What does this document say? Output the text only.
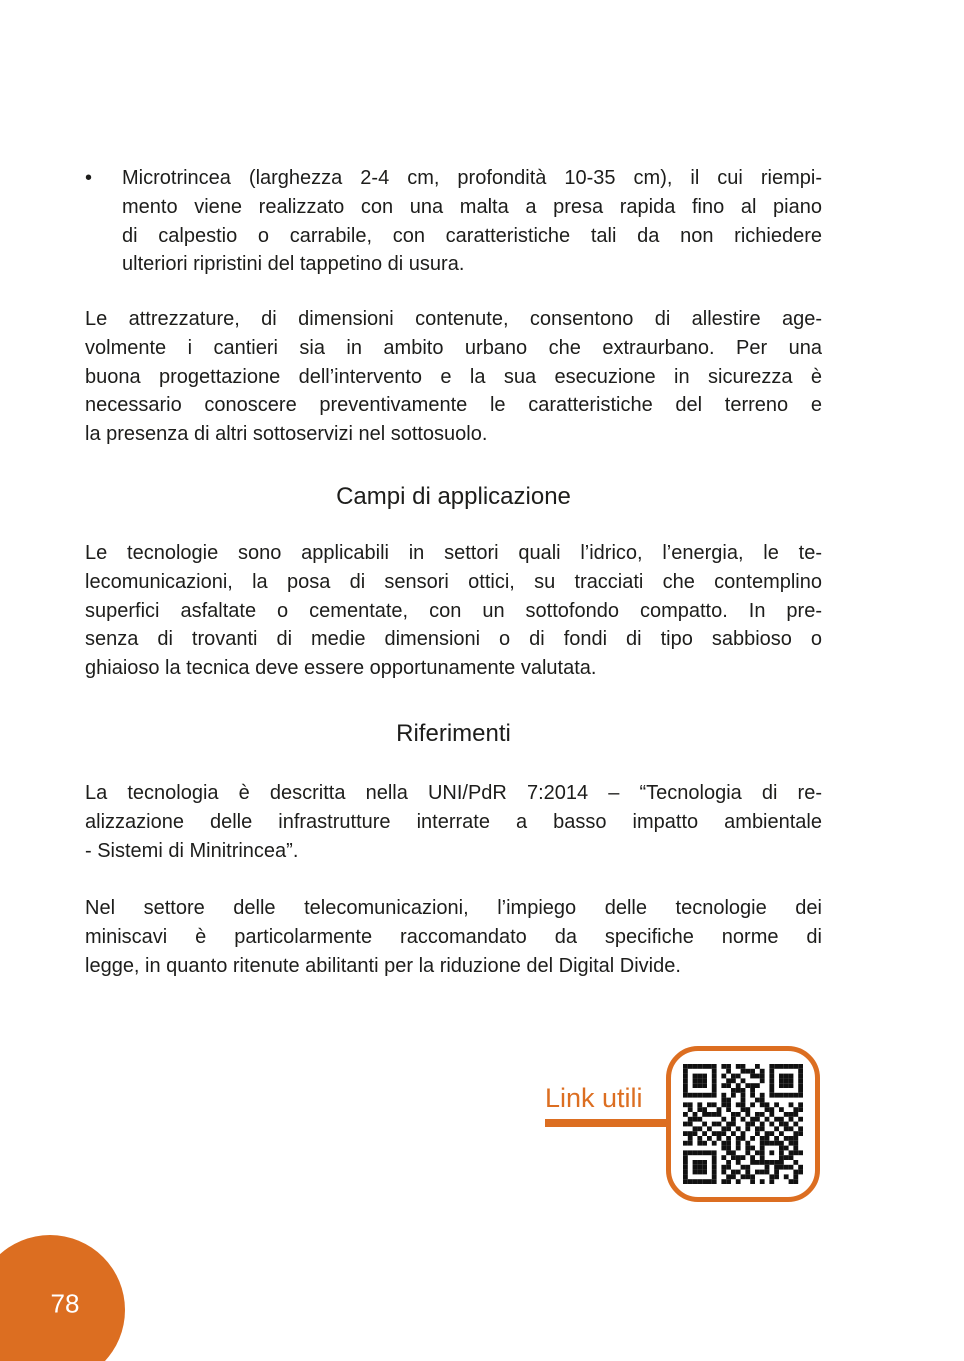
•	Microtrincea (larghezza 2-4 cm, profondità 10-35 cm), il cui riempi-
mento viene realizzato con una malta a presa rapida fino al piano
di calpestio o carrabile, con caratteristiche tali da non richiedere
ulteriori ripristini del tappetino di usura.
Le attrezzature, di dimensioni contenute, consentono di allestire age-
volmente i cantieri sia in ambito urbano che extraurbano. Per una
buona progettazione dell’intervento e la sua esecuzione in sicurezza è
necessario conoscere preventivamente le caratteristiche del terreno e
la presenza di altri sottoservizi nel sottosuolo.
Campi di applicazione
Le tecnologie sono applicabili in settori quali l’idrico, l’energia, le te-
lecomunicazioni, la posa di sensori ottici, su tracciati che contemplino
superfici asfaltate o cementate, con un sottofondo compatto. In pre-
senza di trovanti di medie dimensioni o di fondi di tipo sabbioso o
ghiaioso la tecnica deve essere opportunamente valutata.
Riferimenti
La tecnologia è descritta nella UNI/PdR 7:2014 – “Tecnologia di re-
alizzazione delle infrastrutture interrate a basso impatto ambientale
- Sistemi di Minitrincea”.
Nel settore delle telecomunicazioni, l’impiego delle tecnologie dei
miniscavi è particolarmente raccomandato da specifiche norme di
legge, in quanto ritenute abilitanti per la riduzione del Digital Divide.
Link utili
78
